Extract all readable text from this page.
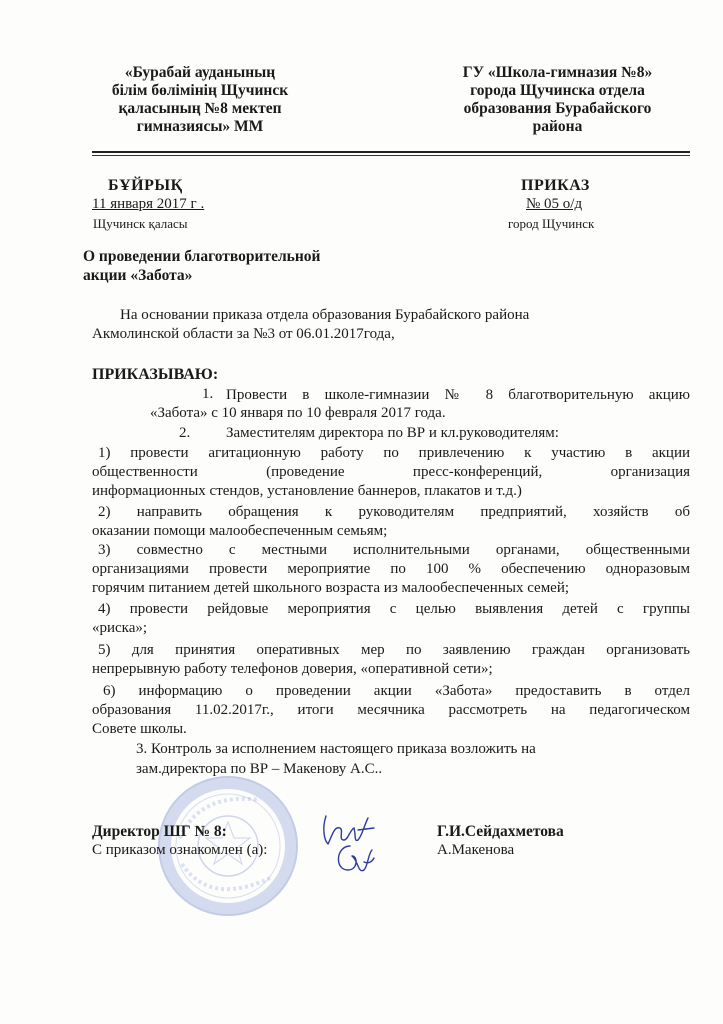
«Бурабай ауданының
білім бөлімінің Щучинск
қаласының №8 мектеп
гимназиясы» ММ
ГУ «Школа-гимназия №8»
города Щучинска отдела
образования Бурабайского
района
БҰЙРЫҚ	ПРИКАЗ
11 января 2017 г .	№ 05 о/д
Щучинск қаласы	город Щучинск
О проведении благотворительной
акции «Забота»
На основании приказа отдела образования Бурабайского района
Акмолинской области за №3 от 06.01.2017года,
ПРИКАЗЫВАЮ:
1. Провести в школе-гимназии № 8 благотворительную акцию
«Забота» с 10 января по 10 февраля 2017 года.
2. Заместителям директора по ВР и кл.руководителям:
1) провести агитационную работу по привлечению к участию в акции
общественности (проведение пресс-конференций, организация
информационных стендов, установление баннеров, плакатов и т.д.)
2) направить обращения к руководителям предприятий, хозяйств об
оказании помощи малообеспеченным семьям;
3) совместно с местными исполнительными органами, общественными
организациями провести мероприятие по 100 % обеспечению одноразовым
горячим питанием детей школьного возраста из малообеспеченных семей;
4) провести рейдовые мероприятия с целью выявления детей с группы
«риска»;
5) для принятия оперативных мер по заявлению граждан организовать
непрерывную работу телефонов доверия, «оперативной сети»;
6) информацию о проведении акции «Забота» предоставить в отдел
образования 11.02.2017г., итоги месячника рассмотреть на педагогическом
Совете школы.
3. Контроль за исполнением настоящего приказа возложить на
зам.директора по ВР – Макенову А.С..
Директор ШГ № 8:	Г.И.Сейдахметова
С приказом ознакомлен (а):	А.Макенова
